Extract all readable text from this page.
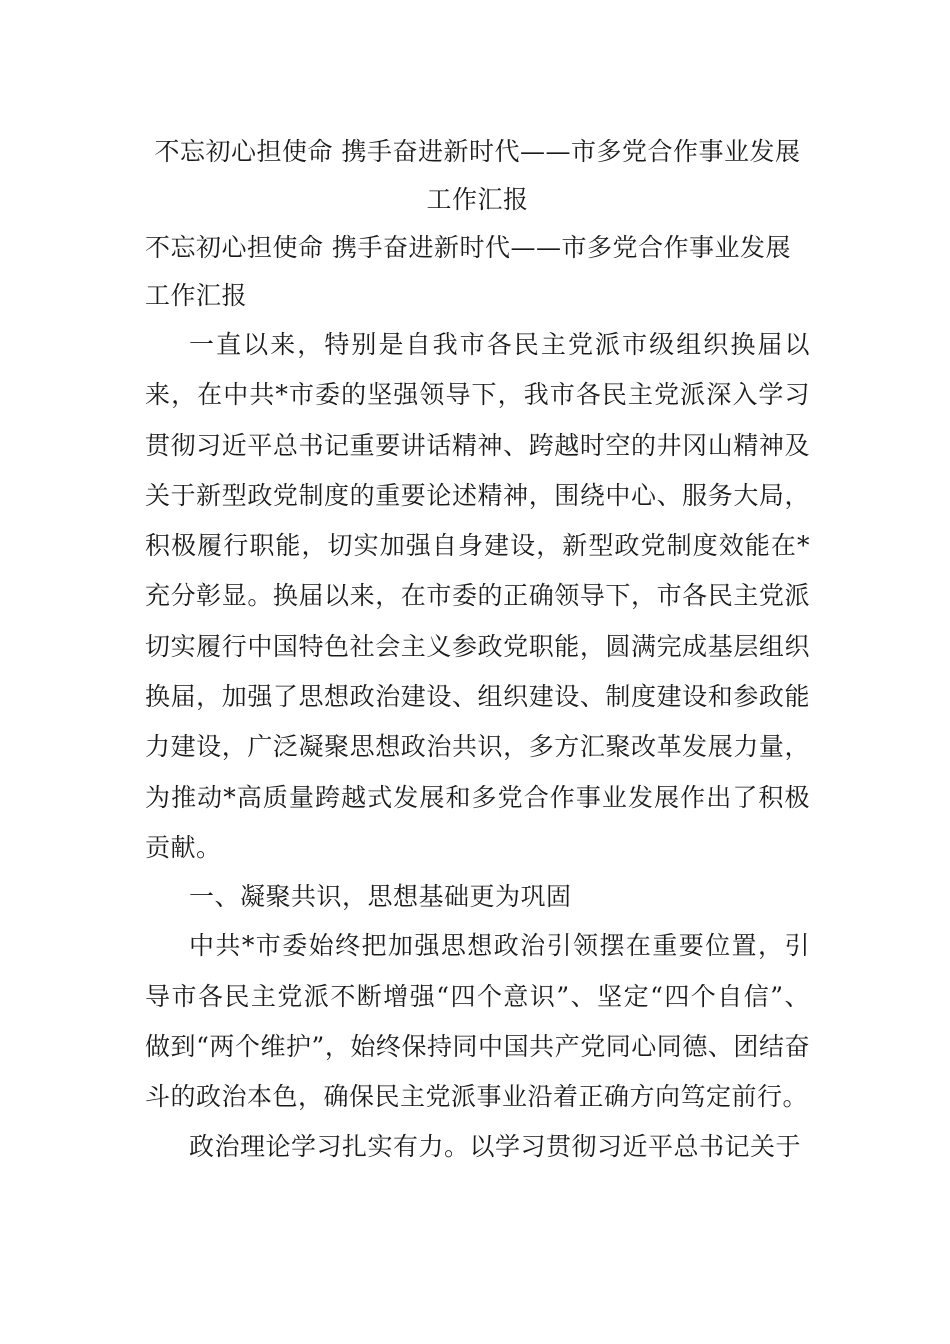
不忘初心担使命 携手奋进新时代——市多党合作事业发展

工作汇报

不忘初心担使命 携手奋进新时代——市多党合作事业发展

工作汇报

一直以来，特别是自我市各民主党派市级组织换届以来，在中共*市委的坚强领导下，我市各民主党派深入学习贯彻习近平总书记重要讲话精神、跨越时空的井冈山精神及关于新型政党制度的重要论述精神，围绕中心、服务大局，积极履行职能，切实加强自身建设，新型政党制度效能在*充分彰显。换届以来，在市委的正确领导下，市各民主党派切实履行中国特色社会主义参政党职能，圆满完成基层组织换届，加强了思想政治建设、组织建设、制度建设和参政能力建设，广泛凝聚思想政治共识，多方汇聚改革发展力量，为推动*高质量跨越式发展和多党合作事业发展作出了积极贡献。

一、凝聚共识，思想基础更为巩固

中共*市委始终把加强思想政治引领摆在重要位置，引导市各民主党派不断增强“四个意识”、坚定“四个自信”、做到“两个维护”，始终保持同中国共产党同心同德、团结奋斗的政治本色，确保民主党派事业沿着正确方向笃定前行。

政治理论学习扎实有力。以学习贯彻习近平总书记关于
